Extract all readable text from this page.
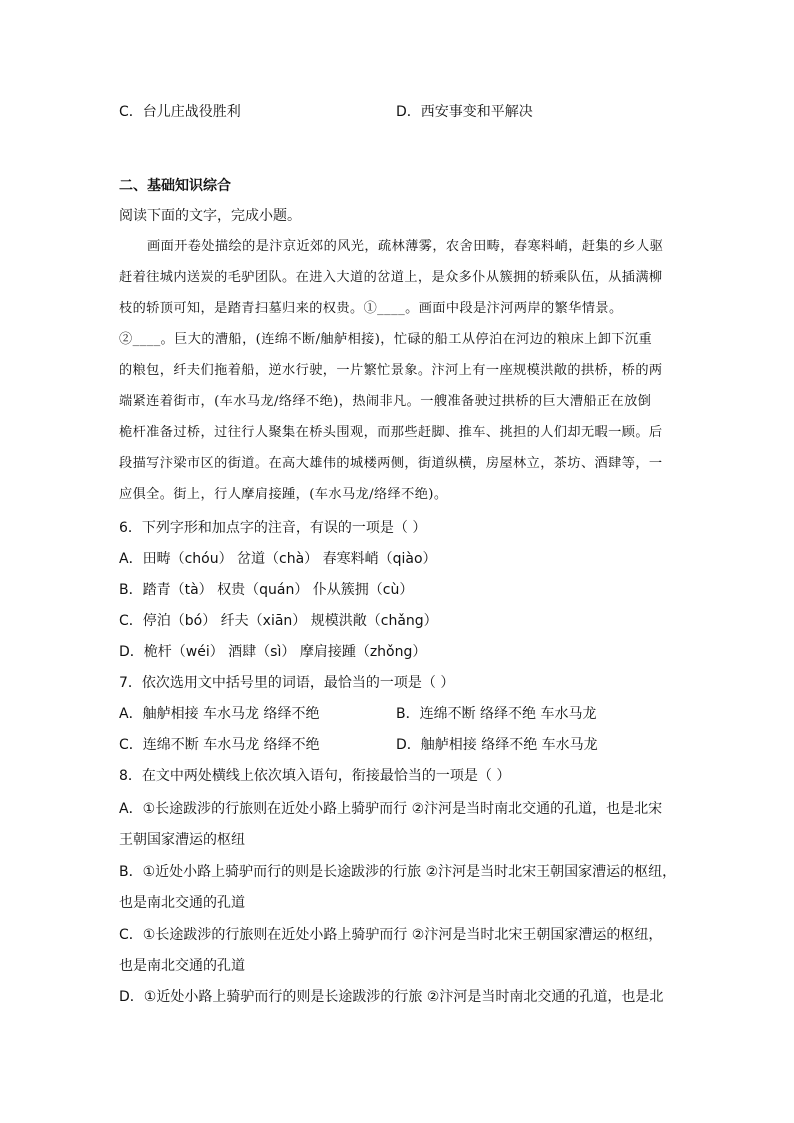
C．台儿庄战役胜利	D．西安事变和平解决
二、基础知识综合
阅读下面的文字，完成小题。
画面开卷处描绘的是汴京近郊的风光，疏林薄雾，农舍田畴，春寒料峭，赶集的乡人驱
赶着往城内送炭的毛驴团队。在进入大道的岔道上，是众多仆从簇拥的轿乘队伍，从插满柳
枝的轿顶可知，是踏青扫墓归来的权贵。①____。画面中段是汴河两岸的繁华情景。
②____。巨大的漕船，(连绵不断/舳舻相接)，忙碌的船工从停泊在河边的粮床上卸下沉重
的粮包，纤夫们拖着船，逆水行驶，一片繁忙景象。汴河上有一座规模洪敞的拱桥，桥的两
端紧连着街市，(车水马龙/络绎不绝)，热闹非凡。一艘准备驶过拱桥的巨大漕船正在放倒
桅杆准备过桥，过往行人聚集在桥头围观，而那些赶脚、推车、挑担的人们却无暇一顾。后
段描写汴梁市区的街道。在高大雄伟的城楼两侧，街道纵横，房屋林立，茶坊、酒肆等，一
应俱全。街上，行人摩肩接踵，(车水马龙/络绎不绝)。
6．下列字形和加点字的注音，有误的一项是（ ）
A．田畴（chóu） 岔道（chà） 春寒料峭（qiào）
B．踏青（tà） 权贵（quán） 仆从簇拥（cù）
C．停泊（bó） 纤夫（xiān） 规模洪敞（chǎng）
D．桅杆（wéi） 酒肆（sì） 摩肩接踵（zhǒng）
7．依次选用文中括号里的词语，最恰当的一项是（ ）
A．舳舻相接 车水马龙 络绎不绝	B．连绵不断 络绎不绝 车水马龙
C．连绵不断 车水马龙 络绎不绝	D．舳舻相接 络绎不绝 车水马龙
8．在文中两处横线上依次填入语句，衔接最恰当的一项是（ ）
A．①长途跋涉的行旅则在近处小路上骑驴而行 ②汴河是当时南北交通的孔道，也是北宋
王朝国家漕运的枢纽
B．①近处小路上骑驴而行的则是长途跋涉的行旅 ②汴河是当时北宋王朝国家漕运的枢纽，
也是南北交通的孔道
C．①长途跋涉的行旅则在近处小路上骑驴而行 ②汴河是当时北宋王朝国家漕运的枢纽，
也是南北交通的孔道
D．①近处小路上骑驴而行的则是长途跋涉的行旅 ②汴河是当时南北交通的孔道，也是北
